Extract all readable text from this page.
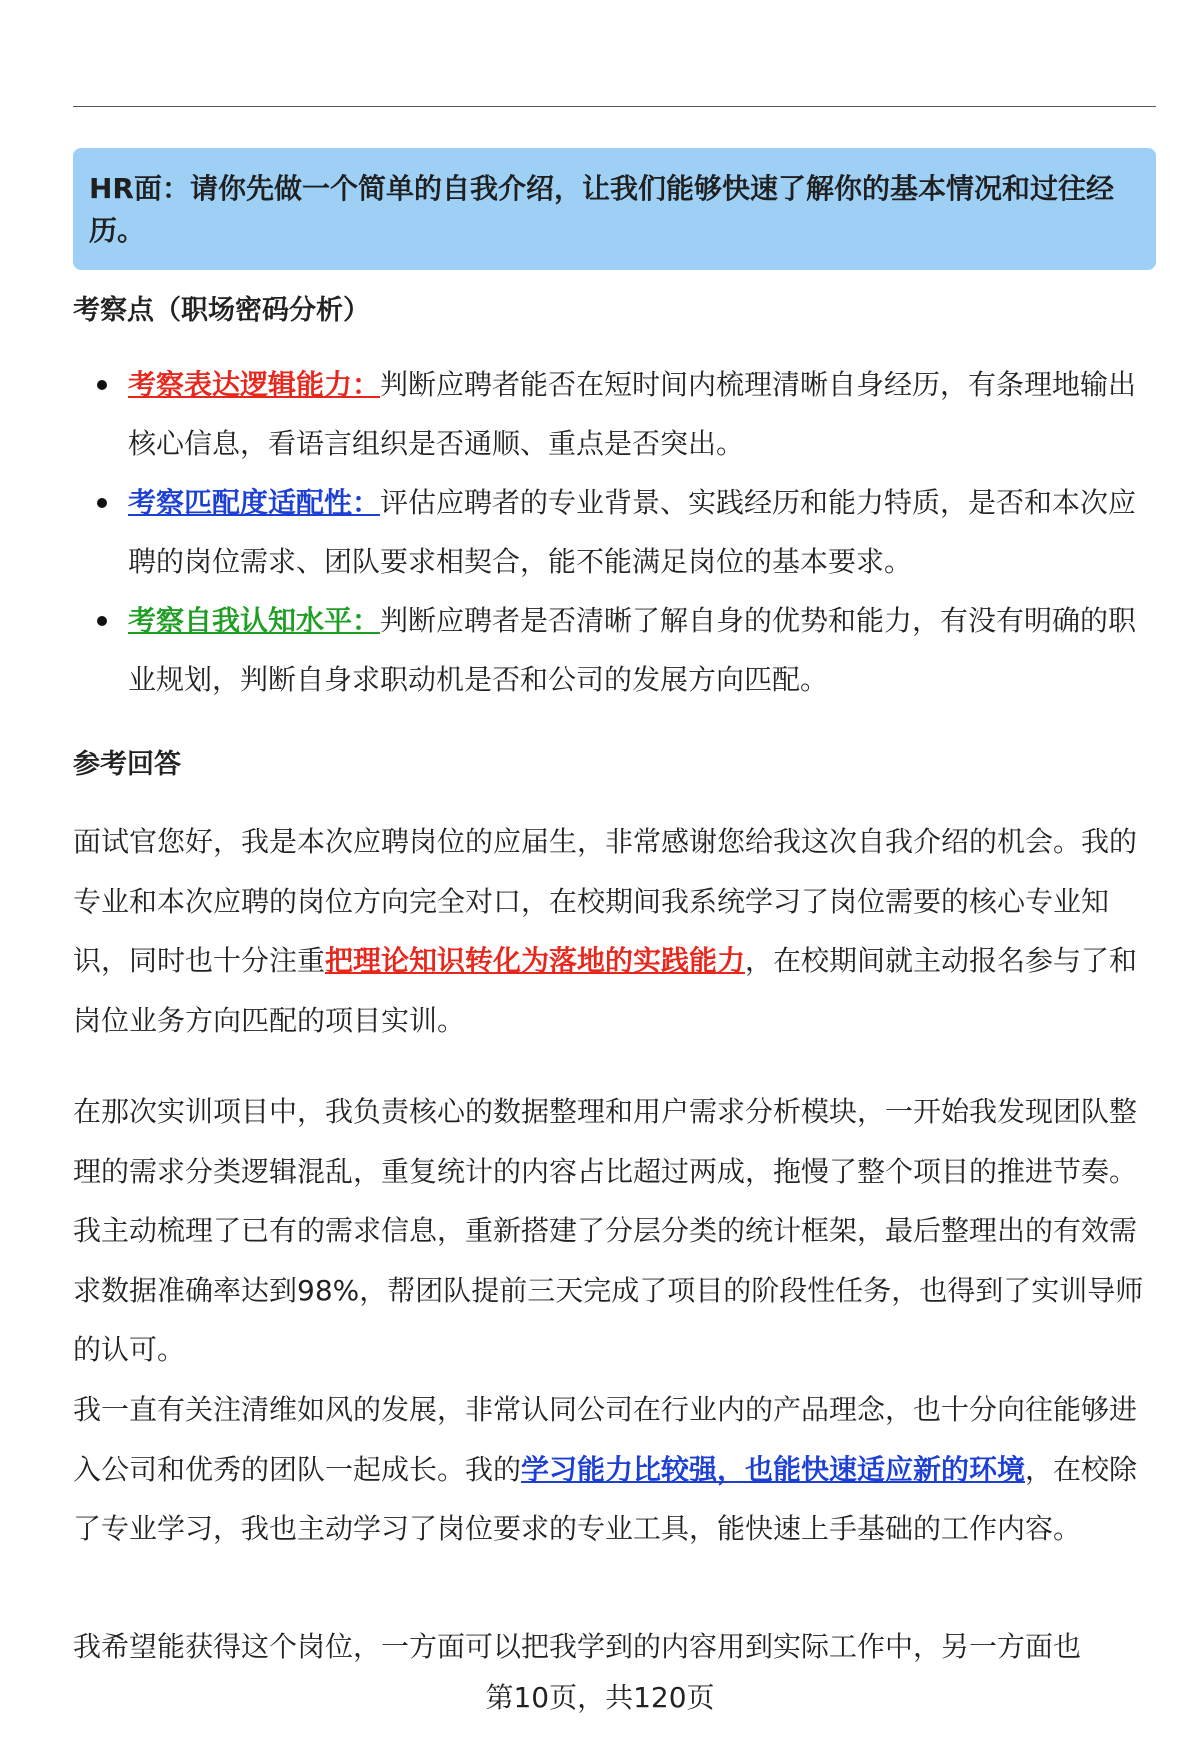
HR面：请你先做一个简单的自我介绍，让我们能够快速了解你的基本情况和过往经历。
考察点（职场密码分析）
考察表达逻辑能力：判断应聘者能否在短时间内梳理清晰自身经历，有条理地输出核心信息，看语言组织是否通顺、重点是否突出。
考察匹配度适配性：评估应聘者的专业背景、实践经历和能力特质，是否和本次应聘的岗位需求、团队要求相契合，能不能满足岗位的基本要求。
考察自我认知水平：判断应聘者是否清晰了解自身的优势和能力，有没有明确的职业规划，判断自身求职动机是否和公司的发展方向匹配。
参考回答

面试官您好，我是本次应聘岗位的应届生，非常感谢您给我这次自我介绍的机会。我的专业和本次应聘的岗位方向完全对口，在校期间我系统学习了岗位需要的核心专业知识，同时也十分注重把理论知识转化为落地的实践能力，在校期间就主动报名参与了和岗位业务方向匹配的项目实训。

在那次实训项目中，我负责核心的数据整理和用户需求分析模块，一开始我发现团队整理的需求分类逻辑混乱，重复统计的内容占比超过两成，拖慢了整个项目的推进节奏。我主动梳理了已有的需求信息，重新搭建了分层分类的统计框架，最后整理出的有效需求数据准确率达到98%，帮团队提前三天完成了项目的阶段性任务，也得到了实训导师的认可。

我一直有关注清维如风的发展，非常认同公司在行业内的产品理念，也十分向往能够进入公司和优秀的团队一起成长。我的学习能力比较强，也能快速适应新的环境，在校除了专业学习，我也主动学习了岗位要求的专业工具，能快速上手基础的工作内容。

我希望能获得这个岗位，一方面可以把我学到的内容用到实际工作中，另一方面也

第10页，共120页
